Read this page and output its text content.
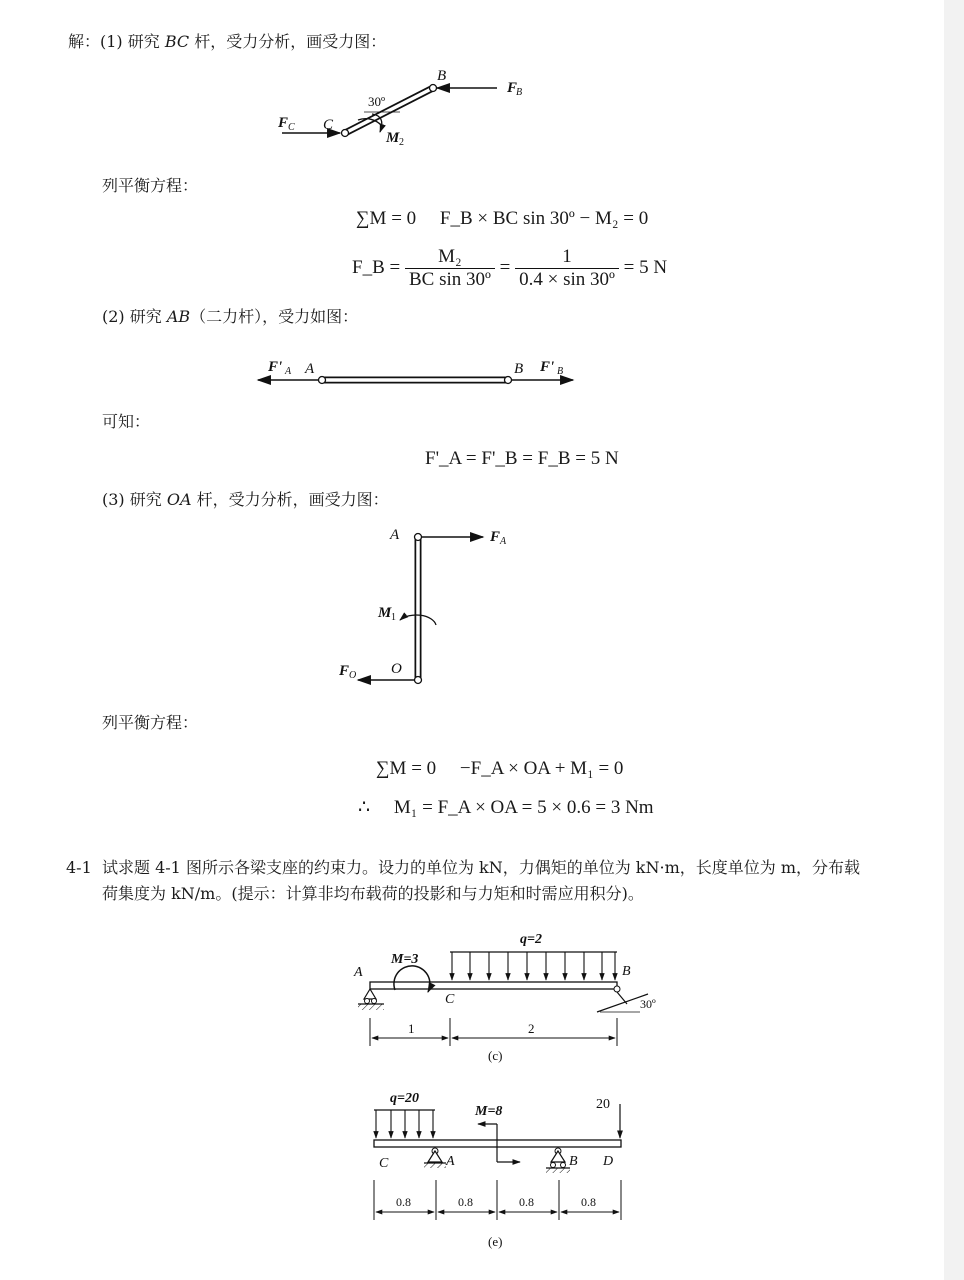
解：(1) 研究 BC 杆，受力分析，画受力图：
B
C
30º
F
B
F C
M 2
F' A A	B F' B
A
O
F A
F O
M 1
q=2
M=3
A	B
C	30º
1	2
(c)
q=20
M=8	20
C	A	B D
0.8	0.8	0.8	0.8
(e)
列平衡方程：
∑M = 0 F_B × BC sin 30º − M₂ = 0
F_B = $\frac{\text{M₂}}{\text{BC sin 30º}} = \frac{1}{\text{0.4 × sin 30º}} = 5$ N
(2) 研究 AB（二力杆），受力如图：
可知：
F'_A = F'_B = F_B = 5 N
(3) 研究 OA 杆，受力分析，画受力图：
列平衡方程：
∑M = 0 −F_A × OA + M₁ = 0
∴ M₁ = F_A × OA = 5 × 0.6 = 3 Nm
4-1 试求题 4-1 图所示各梁支座的约束力。设力的单位为 kN，力偶矩的单位为 kN·m，长度单位为 m，分布载
荷集度为 kN/m。(提示：计算非均布载荷的投影和与力矩和时需应用积分)。
